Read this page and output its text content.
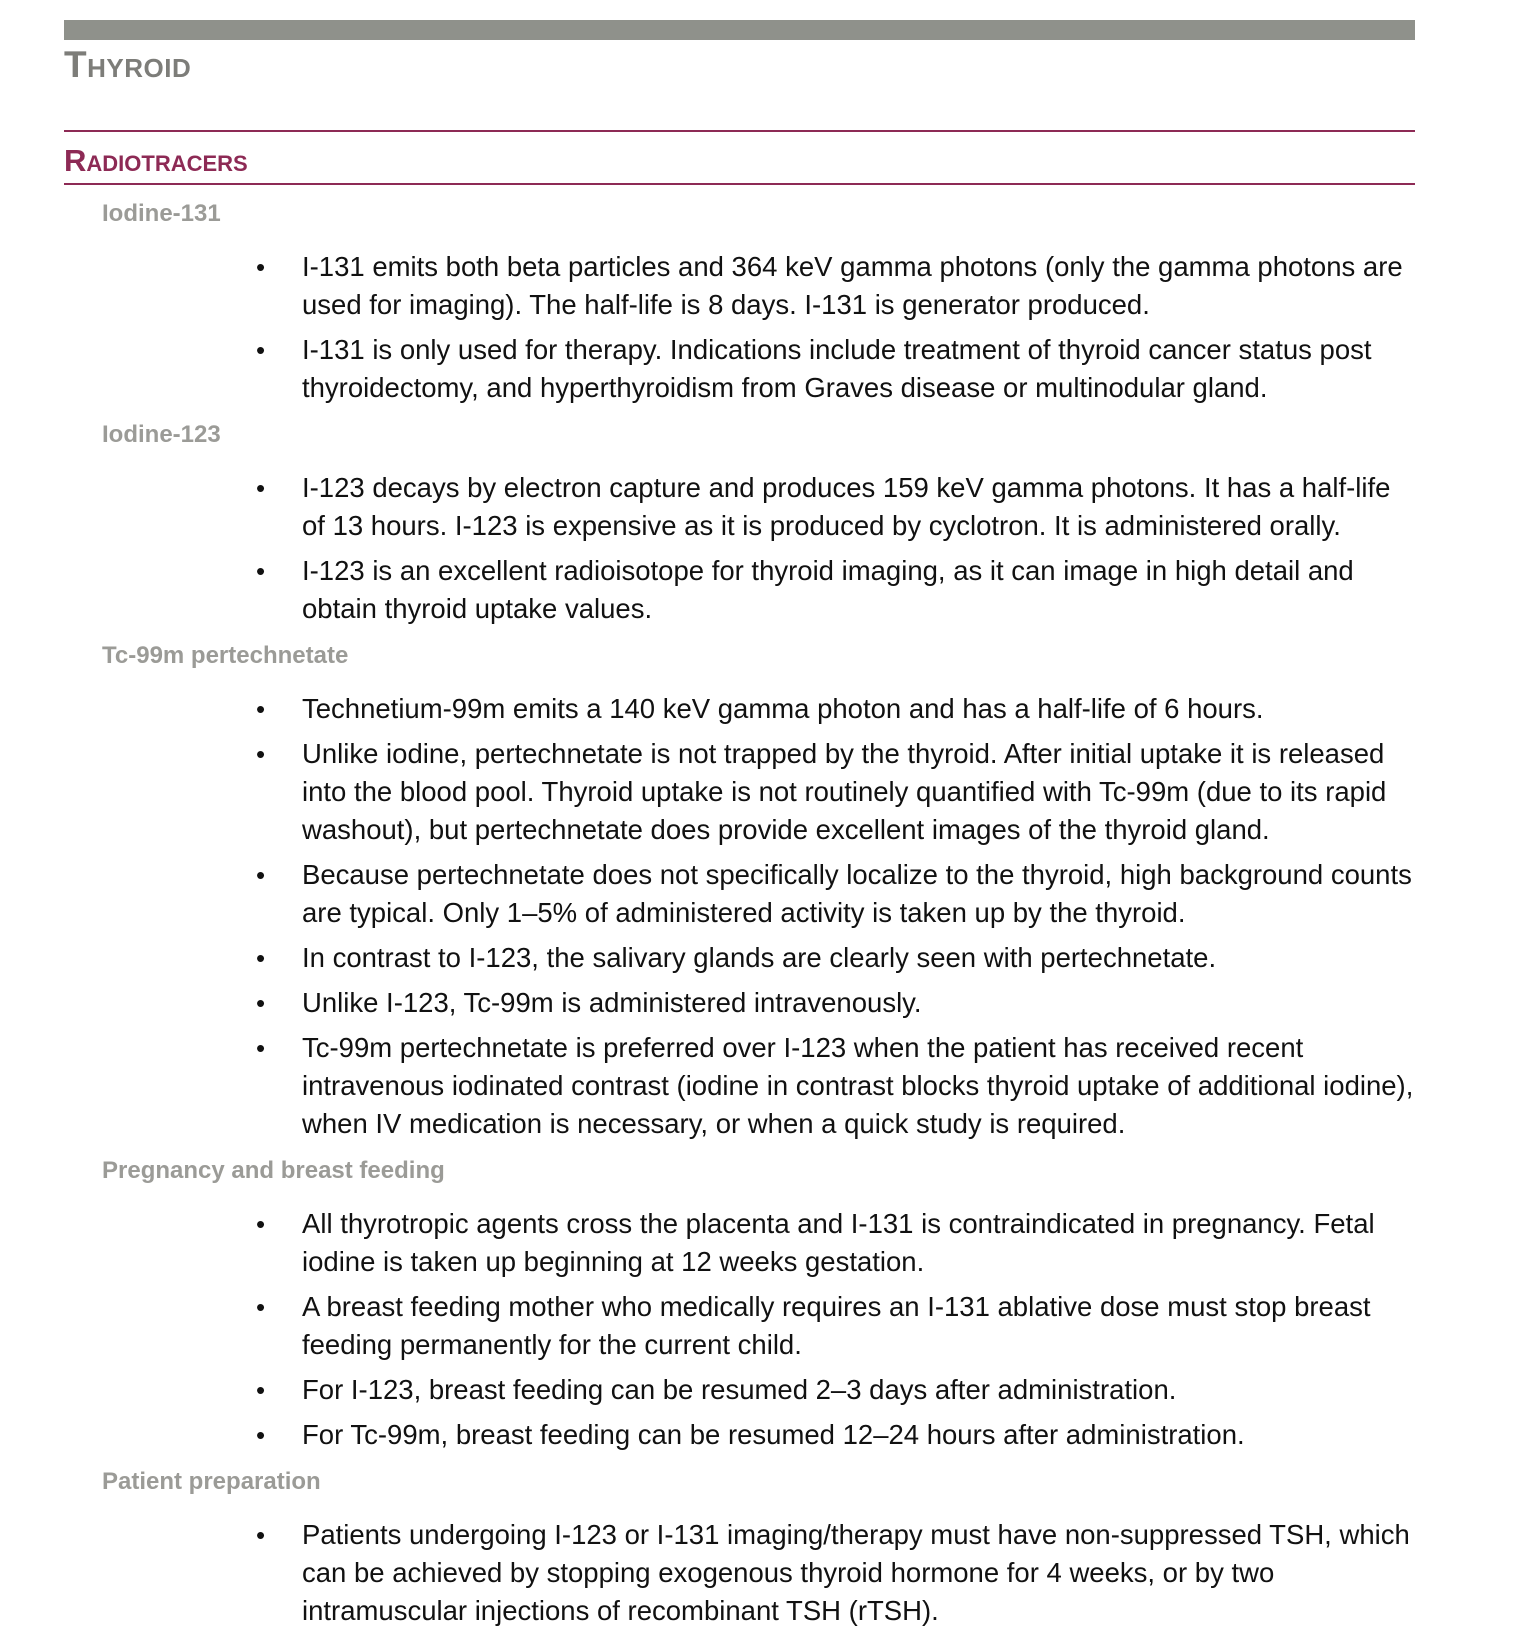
Thyroid
Radiotracers
Iodine-131
• I-131 emits both beta particles and 364 keV gamma photons (only the gamma photons are used for imaging). The half-life is 8 days. I-131 is generator produced.
• I-131 is only used for therapy. Indications include treatment of thyroid cancer status post thyroidectomy, and hyperthyroidism from Graves disease or multinodular gland.
Iodine-123
• I-123 decays by electron capture and produces 159 keV gamma photons. It has a half-life of 13 hours. I-123 is expensive as it is produced by cyclotron. It is administered orally.
• I-123 is an excellent radioisotope for thyroid imaging, as it can image in high detail and obtain thyroid uptake values.
Tc-99m pertechnetate
• Technetium-99m emits a 140 keV gamma photon and has a half-life of 6 hours.
• Unlike iodine, pertechnetate is not trapped by the thyroid. After initial uptake it is released into the blood pool. Thyroid uptake is not routinely quantified with Tc-99m (due to its rapid washout), but pertechnetate does provide excellent images of the thyroid gland.
• Because pertechnetate does not specifically localize to the thyroid, high background counts are typical. Only 1–5% of administered activity is taken up by the thyroid.
• In contrast to I-123, the salivary glands are clearly seen with pertechnetate.
• Unlike I-123, Tc-99m is administered intravenously.
• Tc-99m pertechnetate is preferred over I-123 when the patient has received recent intravenous iodinated contrast (iodine in contrast blocks thyroid uptake of additional iodine), when IV medication is necessary, or when a quick study is required.
Pregnancy and breast feeding
• All thyrotropic agents cross the placenta and I-131 is contraindicated in pregnancy. Fetal iodine is taken up beginning at 12 weeks gestation.
• A breast feeding mother who medically requires an I-131 ablative dose must stop breast feeding permanently for the current child.
• For I-123, breast feeding can be resumed 2–3 days after administration.
• For Tc-99m, breast feeding can be resumed 12–24 hours after administration.
Patient preparation
• Patients undergoing I-123 or I-131 imaging/therapy must have non-suppressed TSH, which can be achieved by stopping exogenous thyroid hormone for 4 weeks, or by two intramuscular injections of recombinant TSH (rTSH).
